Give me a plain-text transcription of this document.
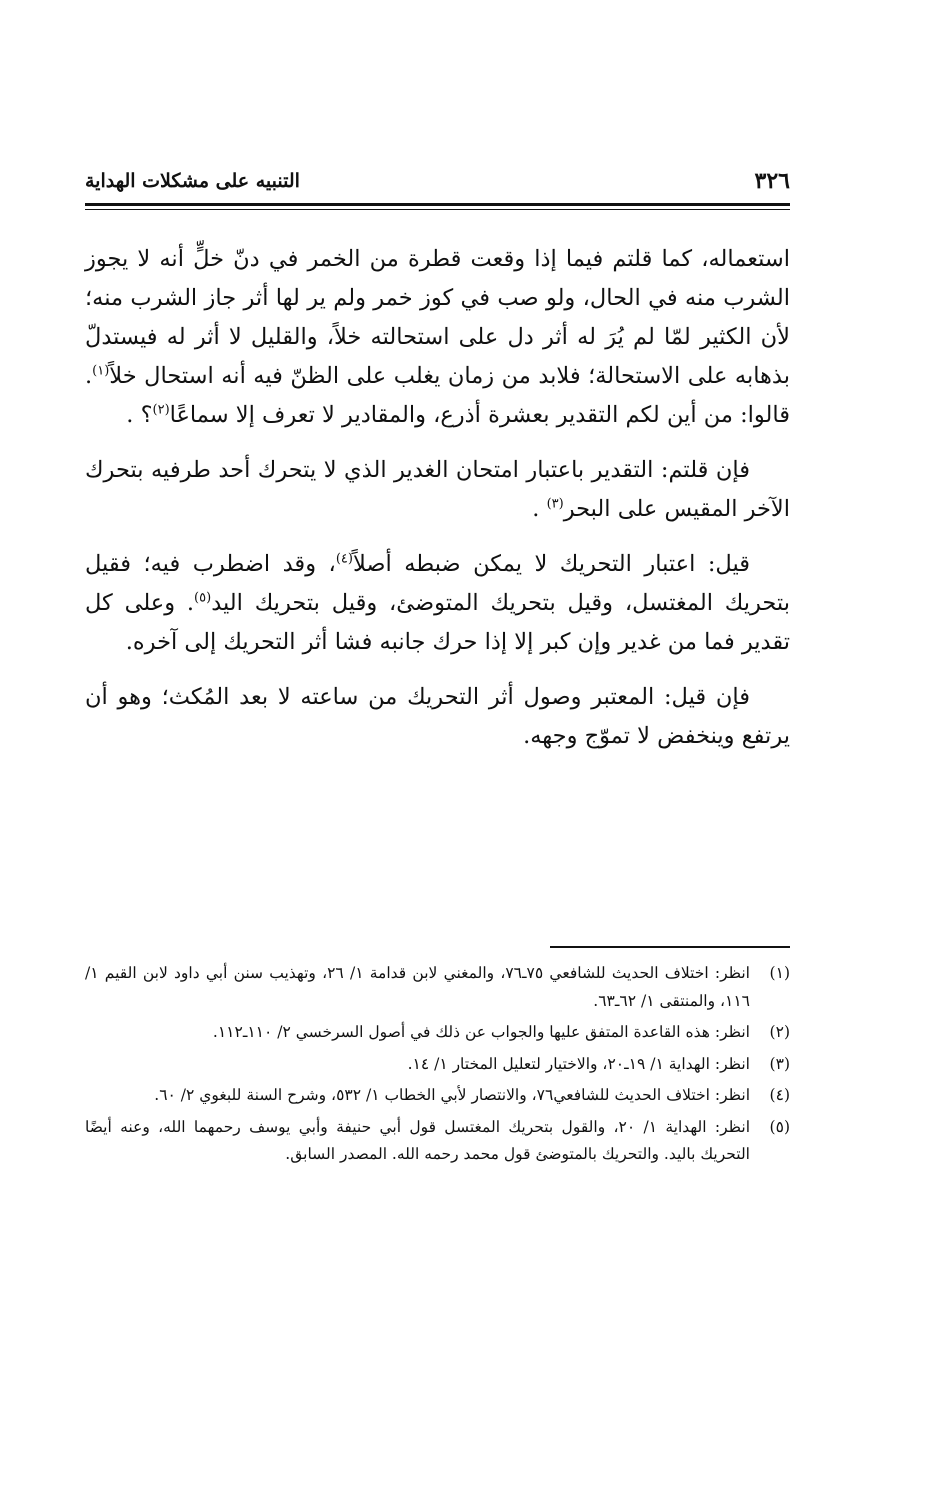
٣٢٦
التنبيه على مشكلات الهداية

استعماله، كما قلتم فيما إذا وقعت قطرة من الخمر في دنّ خلٍّ أنه لا يجوز الشرب منه في الحال، ولو صب في كوز خمر ولم ير لها أثر جاز الشرب منه؛ لأن الكثير لمّا لم يُرَ له أثر دل على استحالته خلاً، والقليل لا أثر له فيستدلّ بذهابه على الاستحالة؛ فلابد من زمان يغلب على الظنّ فيه أنه استحال خلاً$^{(١)}$. قالوا: من أين لكم التقدير بعشرة أذرع، والمقادير لا تعرف إلا سماعًا$^{(٢)}$؟ .

فإن قلتم: التقدير باعتبار امتحان الغدير الذي لا يتحرك أحد طرفيه بتحرك الآخر المقيس على البحر$^{(٣)}$ .

قيل: اعتبار التحريك لا يمكن ضبطه أصلاً$^{(٤)}$، وقد اضطرب فيه؛ فقيل بتحريك المغتسل، وقيل بتحريك المتوضئ، وقيل بتحريك اليد$^{(٥)}$. وعلى كل تقدير فما من غدير وإن كبر إلا إذا حرك جانبه فشا أثر التحريك إلى آخره.

فإن قيل: المعتبر وصول أثر التحريك من ساعته لا بعد المُكث؛ وهو أن يرتفع وينخفض لا تموّج وجهه.

(١)
انظر: اختلاف الحديث للشافعي ٧٥ـ٧٦، والمغني لابن قدامة ١/ ٢٦، وتهذيب سنن أبي داود لابن القيم ١/ ١١٦، والمنتقى ١/ ٦٢ـ٦٣.
(٢)
انظر: هذه القاعدة المتفق عليها والجواب عن ذلك في أصول السرخسي ٢/ ١١٠ـ١١٢.
(٣)
انظر: الهداية ١/ ١٩ـ٢٠، والاختيار لتعليل المختار ١/ ١٤.
(٤)
انظر: اختلاف الحديث للشافعي٧٦، والانتصار لأبي الخطاب ١/ ٥٣٢، وشرح السنة للبغوي ٢/ ٦٠.
(٥)
انظر: الهداية ١/ ٢٠، والقول بتحريك المغتسل قول أبي حنيفة وأبي يوسف رحمهما الله، وعنه أيضًا التحريك باليد. والتحريك بالمتوضئ قول محمد رحمه الله. المصدر السابق.
